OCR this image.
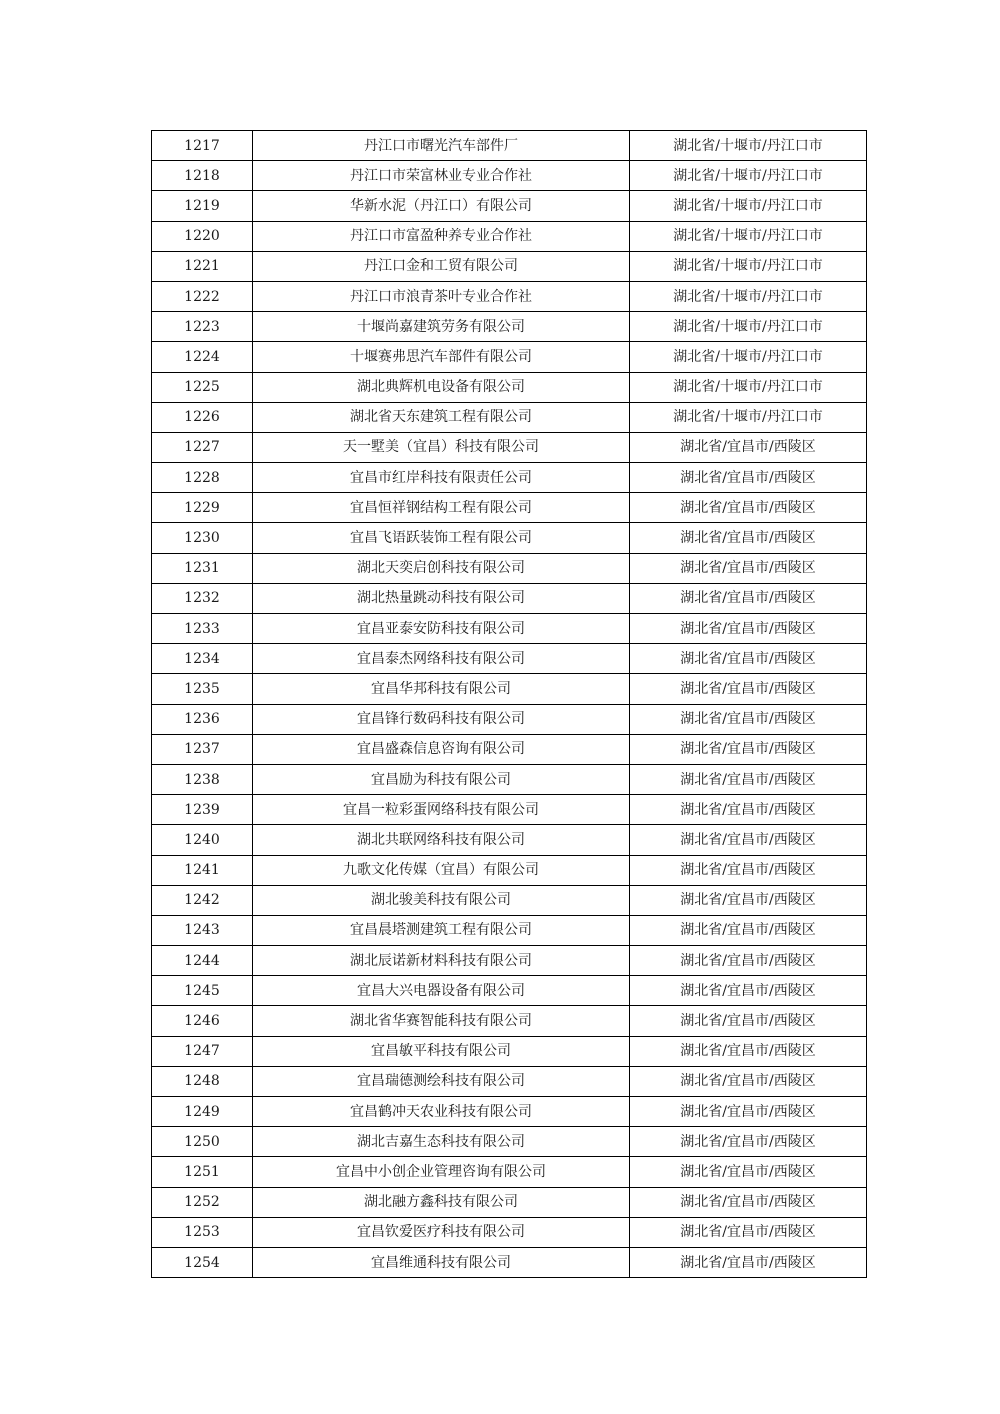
1217	丹江口市曙光汽车部件厂	湖北省/十堰市/丹江口市
1218	丹江口市荣富林业专业合作社	湖北省/十堰市/丹江口市
1219	华新水泥（丹江口）有限公司	湖北省/十堰市/丹江口市
1220	丹江口市富盈种养专业合作社	湖北省/十堰市/丹江口市
1221	丹江口金和工贸有限公司	湖北省/十堰市/丹江口市
1222	丹江口市浪青茶叶专业合作社	湖北省/十堰市/丹江口市
1223	十堰尚嘉建筑劳务有限公司	湖北省/十堰市/丹江口市
1224	十堰赛弗思汽车部件有限公司	湖北省/十堰市/丹江口市
1225	湖北典辉机电设备有限公司	湖北省/十堰市/丹江口市
1226	湖北省天东建筑工程有限公司	湖北省/十堰市/丹江口市
1227	天一墅美（宜昌）科技有限公司	湖北省/宜昌市/西陵区
1228	宜昌市红岸科技有限责任公司	湖北省/宜昌市/西陵区
1229	宜昌恒祥钢结构工程有限公司	湖北省/宜昌市/西陵区
1230	宜昌飞语跃装饰工程有限公司	湖北省/宜昌市/西陵区
1231	湖北天奕启创科技有限公司	湖北省/宜昌市/西陵区
1232	湖北热量跳动科技有限公司	湖北省/宜昌市/西陵区
1233	宜昌亚泰安防科技有限公司	湖北省/宜昌市/西陵区
1234	宜昌泰杰网络科技有限公司	湖北省/宜昌市/西陵区
1235	宜昌华邦科技有限公司	湖北省/宜昌市/西陵区
1236	宜昌锋行数码科技有限公司	湖北省/宜昌市/西陵区
1237	宜昌盛森信息咨询有限公司	湖北省/宜昌市/西陵区
1238	宜昌励为科技有限公司	湖北省/宜昌市/西陵区
1239	宜昌一粒彩蛋网络科技有限公司	湖北省/宜昌市/西陵区
1240	湖北共联网络科技有限公司	湖北省/宜昌市/西陵区
1241	九歌文化传媒（宜昌）有限公司	湖北省/宜昌市/西陵区
1242	湖北骏美科技有限公司	湖北省/宜昌市/西陵区
1243	宜昌晨塔测建筑工程有限公司	湖北省/宜昌市/西陵区
1244	湖北辰诺新材料科技有限公司	湖北省/宜昌市/西陵区
1245	宜昌大兴电器设备有限公司	湖北省/宜昌市/西陵区
1246	湖北省华赛智能科技有限公司	湖北省/宜昌市/西陵区
1247	宜昌敏平科技有限公司	湖北省/宜昌市/西陵区
1248	宜昌瑞德测绘科技有限公司	湖北省/宜昌市/西陵区
1249	宜昌鹤冲天农业科技有限公司	湖北省/宜昌市/西陵区
1250	湖北吉嘉生态科技有限公司	湖北省/宜昌市/西陵区
1251	宜昌中小创企业管理咨询有限公司	湖北省/宜昌市/西陵区
1252	湖北融方鑫科技有限公司	湖北省/宜昌市/西陵区
1253	宜昌钦爱医疗科技有限公司	湖北省/宜昌市/西陵区
1254	宜昌维通科技有限公司	湖北省/宜昌市/西陵区
